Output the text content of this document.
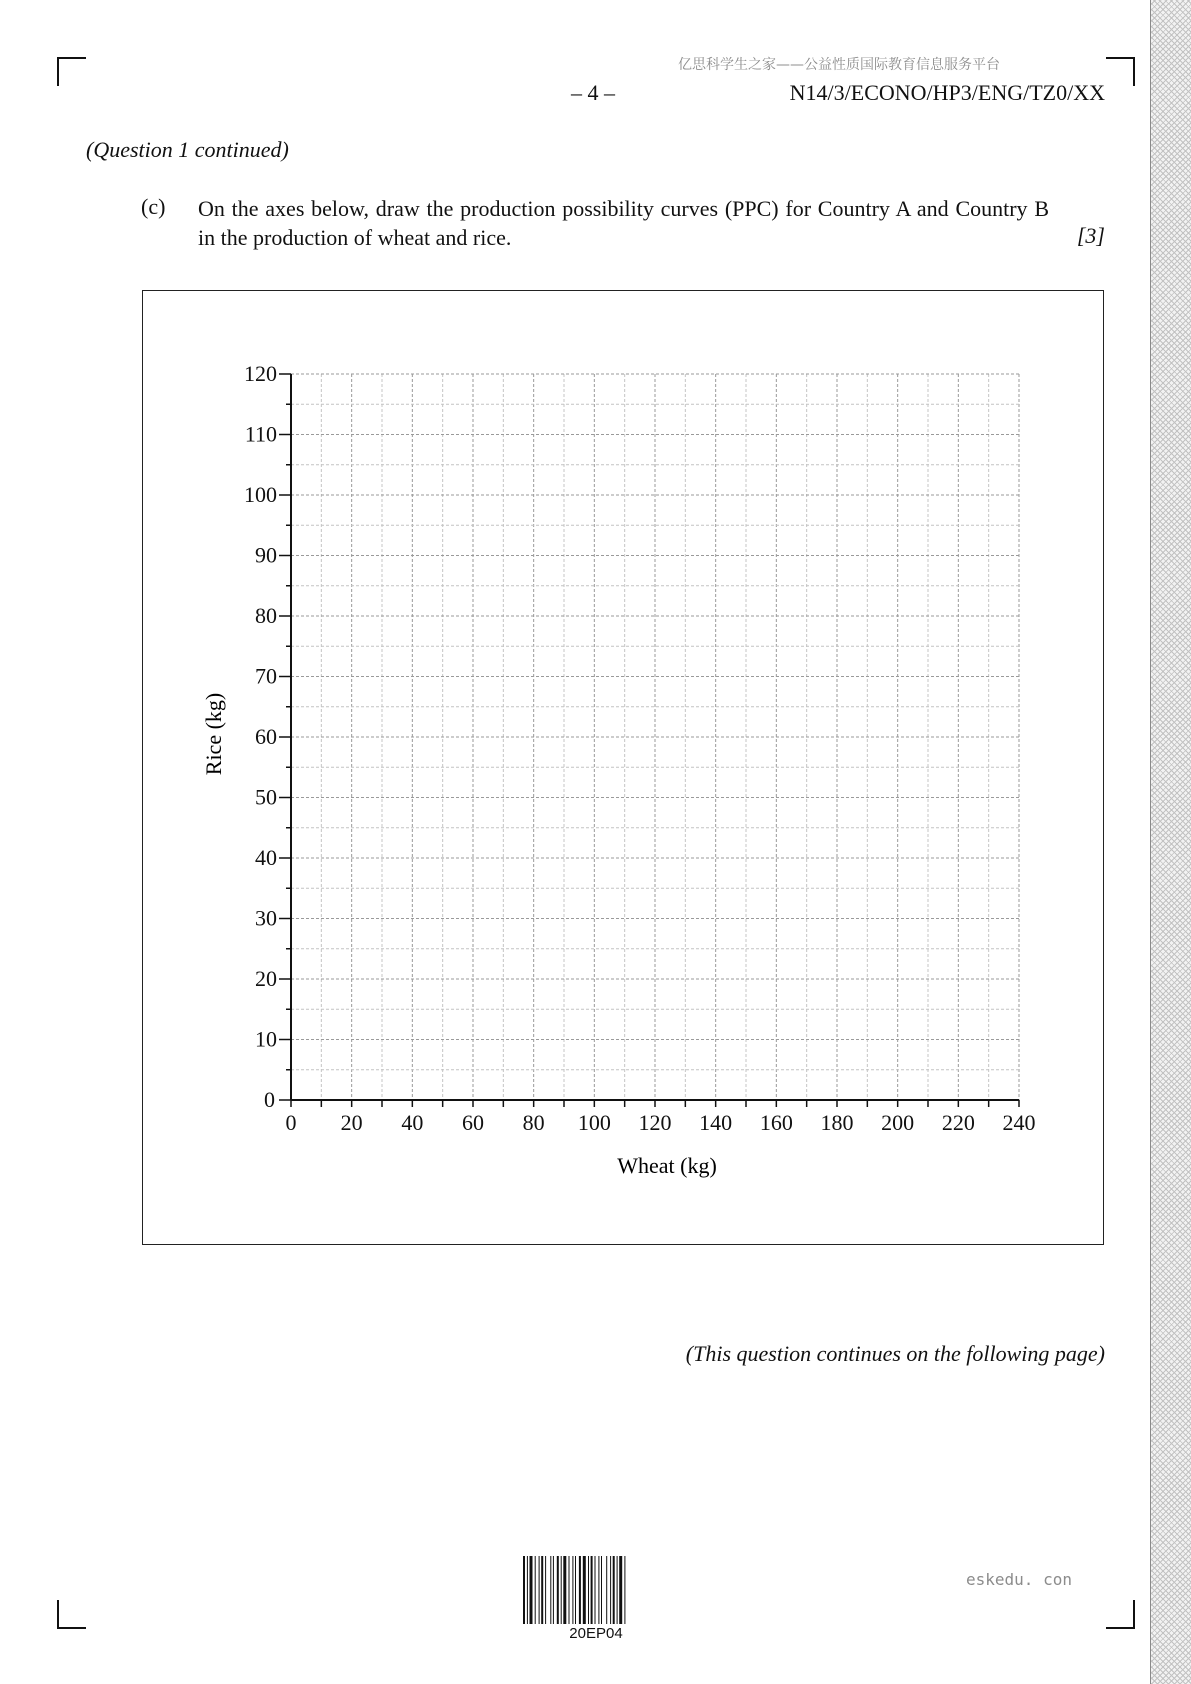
亿思科学生之家——公益性质国际教育信息服务平台
– 4 –	N14/3/ECONO/HP3/ENG/TZ0/XX
(Question 1 continued)
(c) On the axes below, draw the production possibility curves (PPC) for Country A and Country B in the production of wheat and rice.	[3]
0 20 40 60 80 100 120 140 160 180 200 220 240
0
10
20
30
40
50
60
70
80
90
100
110
120
Wheat (kg)
Rice (kg)
(This question continues on the following page)
20EP04
eskedu. con
